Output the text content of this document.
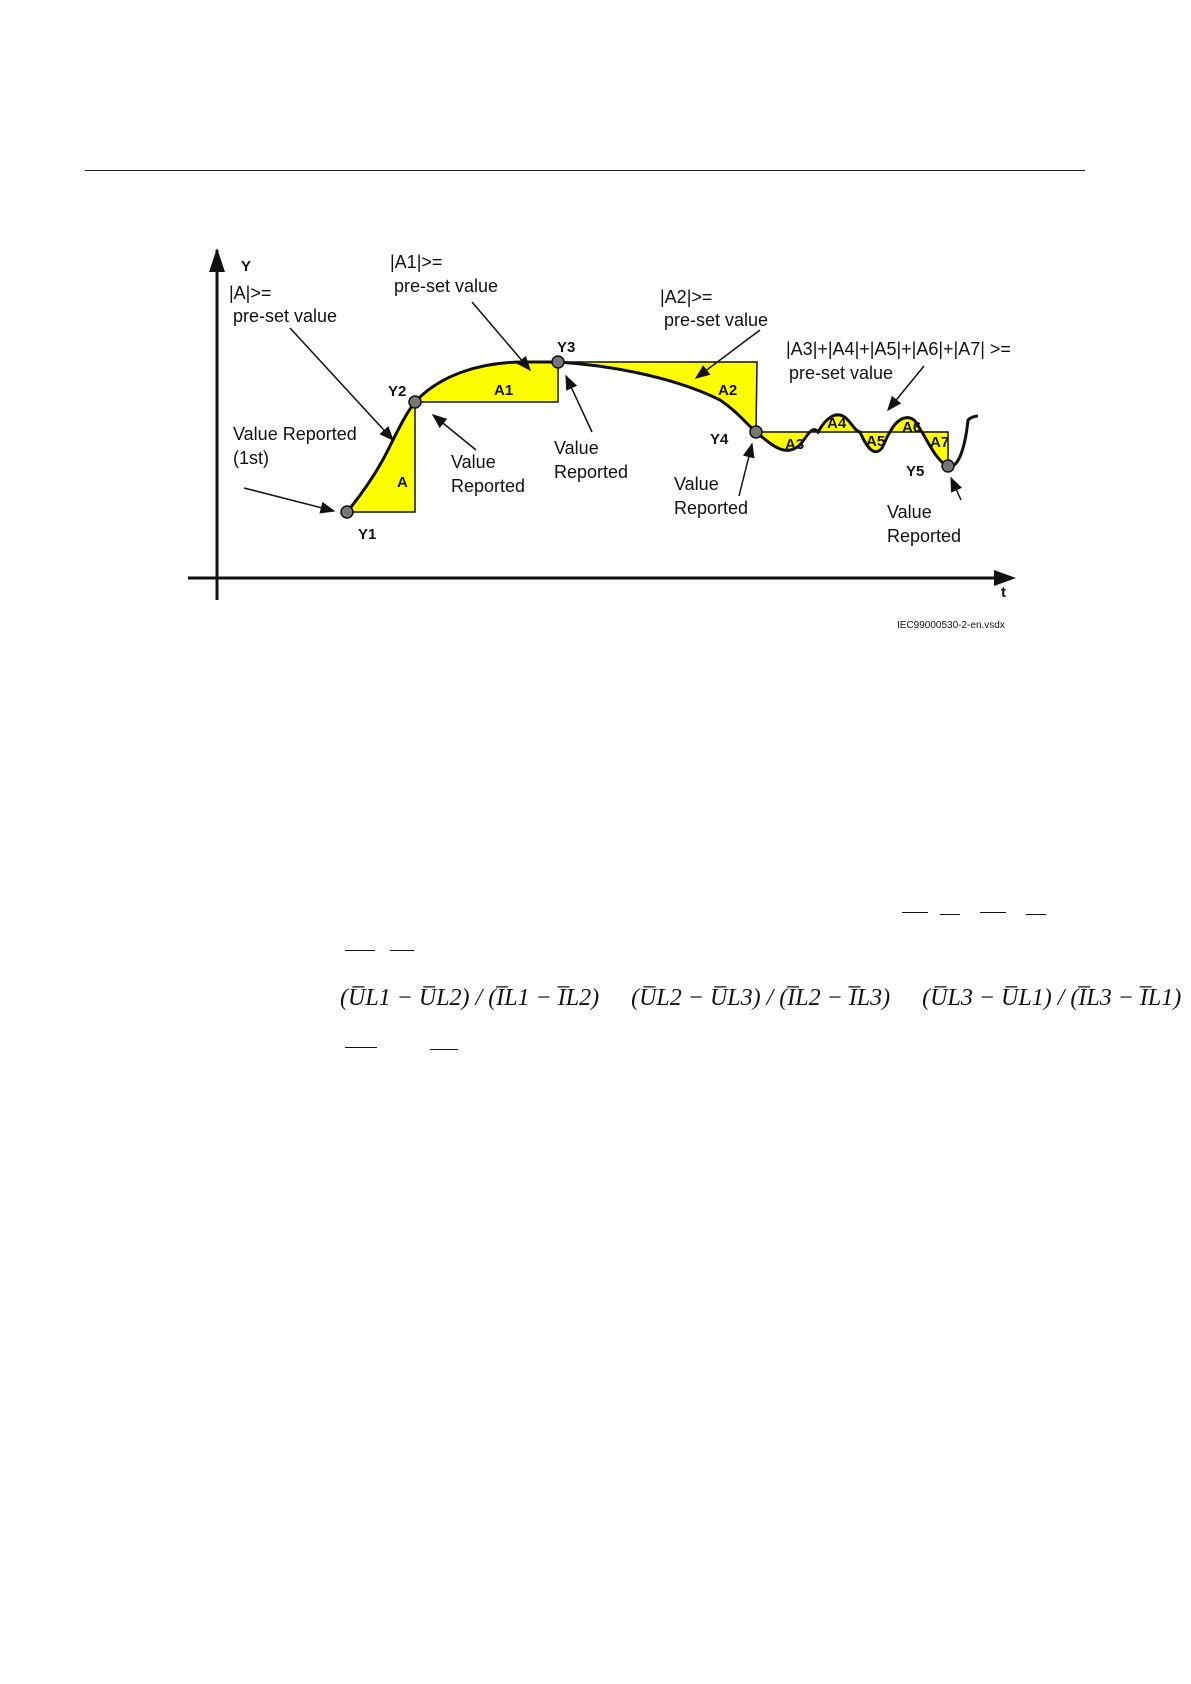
Y
t
Y1
Y2
Y3
Y4
Y5
A
A1	A2
A3
A4
A5
A6
A7
|A|>=
pre-set value
|A1|>=
pre-set value
|A2|>=
pre-set value
|A3|+|A4|+|A5|+|A6|+|A7| >=
pre-set value
Value Reported
(1st)	Value
Reported
Value
Reported
Value
Reported	Value
Reported
IEC99000530-2-en.vsdx
(U̅L1 − U̅L2) / (I̅L1 − I̅L2) (U̅L2 − U̅L3) / (I̅L2 − I̅L3) (U̅L3 − U̅L1) / (I̅L3 − I̅L1)
